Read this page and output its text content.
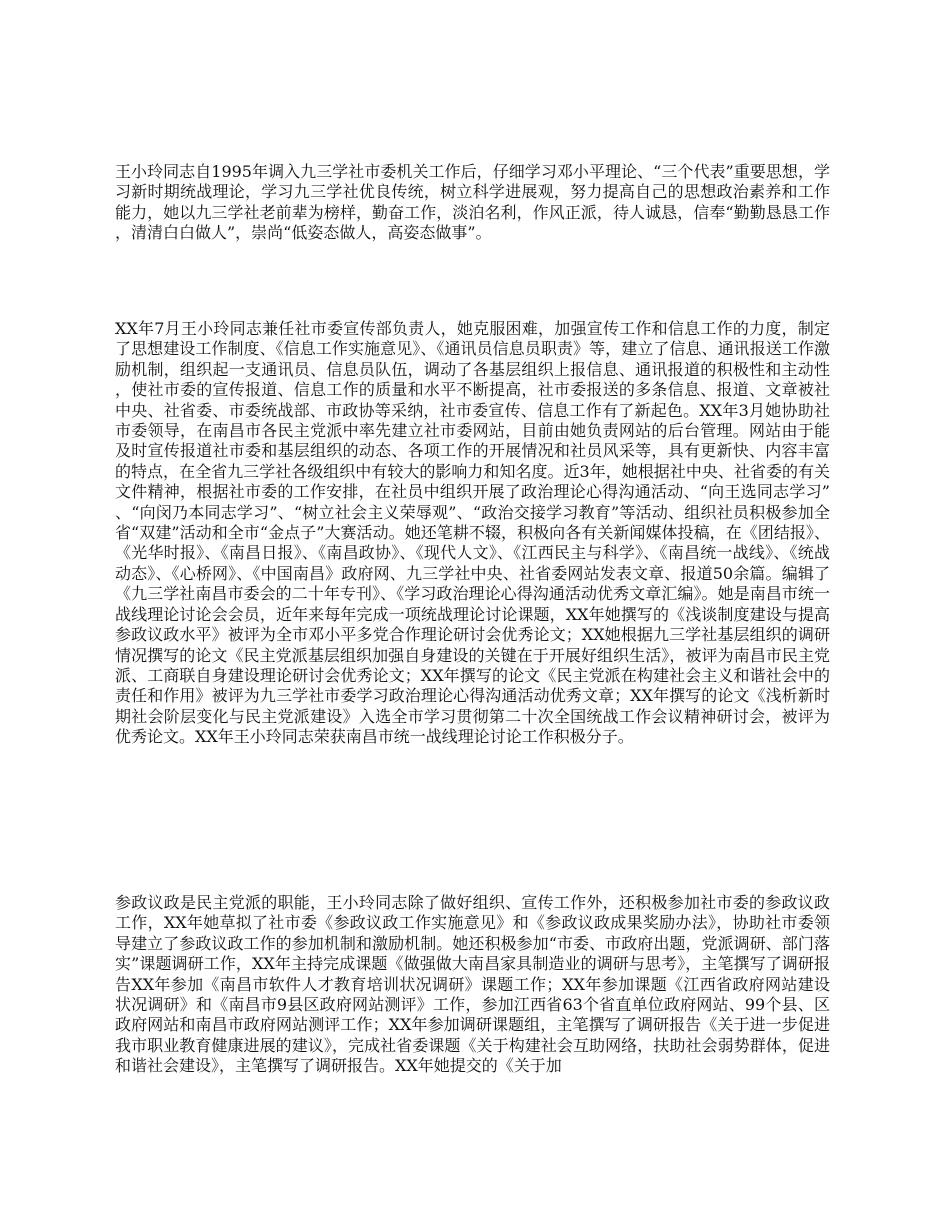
王小玲同志自1995年调入九三学社市委机关工作后，仔细学习邓小平理论、“三个代表”重要思想，学习新时期统战理论，学习九三学社优良传统，树立科学进展观，努力提高自己的思想政治素养和工作能力，她以九三学社老前辈为榜样，勤奋工作，淡泊名利，作风正派，待人诚恳，信奉“勤勤恳恳工作，清清白白做人”，崇尚“低姿态做人，高姿态做事”。

XX年7月王小玲同志兼任社市委宣传部负责人，她克服困难，加强宣传工作和信息工作的力度，制定了思想建设工作制度、《信息工作实施意见》、《通讯员信息员职责》等，建立了信息、通讯报送工作激励机制，组织起一支通讯员、信息员队伍，调动了各基层组织上报信息、通讯报道的积极性和主动性，使社市委的宣传报道、信息工作的质量和水平不断提高，社市委报送的多条信息、报道、文章被社中央、社省委、市委统战部、市政协等采纳，社市委宣传、信息工作有了新起色。XX年3月她协助社市委领导，在南昌市各民主党派中率先建立社市委网站，目前由她负责网站的后台管理。网站由于能及时宣传报道社市委和基层组织的动态、各项工作的开展情况和社员风采等，具有更新快、内容丰富的特点，在全省九三学社各级组织中有较大的影响力和知名度。近3年，她根据社中央、社省委的有关文件精神，根据社市委的工作安排，在社员中组织开展了政治理论心得沟通活动、“向王选同志学习”、“向闵乃本同志学习”、“树立社会主义荣辱观”、“政治交接学习教育”等活动、组织社员积极参加全省“双建”活动和全市“金点子”大赛活动。她还笔耕不辍，积极向各有关新闻媒体投稿，在《团结报》、《光华时报》、《南昌日报》、《南昌政协》、《现代人文》、《江西民主与科学》、《南昌统一战线》、《统战动态》、《心桥网》、《中国南昌》政府网、九三学社中央、社省委网站发表文章、报道50余篇。编辑了《九三学社南昌市委会的二十年专刊》、《学习政治理论心得沟通活动优秀文章汇编》。她是南昌市统一战线理论讨论会会员，近年来每年完成一项统战理论讨论课题，XX年她撰写的《浅谈制度建设与提高参政议政水平》被评为全市邓小平多党合作理论研讨会优秀论文；XX她根据九三学社基层组织的调研情况撰写的论文《民主党派基层组织加强自身建设的关键在于开展好组织生活》，被评为南昌市民主党派、工商联自身建设理论研讨会优秀论文；XX年撰写的论文《民主党派在构建社会主义和谐社会中的责任和作用》被评为九三学社市委学习政治理论心得沟通活动优秀文章；XX年撰写的论文《浅析新时期社会阶层变化与民主党派建设》入选全市学习贯彻第二十次全国统战工作会议精神研讨会，被评为优秀论文。XX年王小玲同志荣获南昌市统一战线理论讨论工作积极分子。

参政议政是民主党派的职能，王小玲同志除了做好组织、宣传工作外，还积极参加社市委的参政议政工作，XX年她草拟了社市委《参政议政工作实施意见》和《参政议政成果奖励办法》，协助社市委领导建立了参政议政工作的参加机制和激励机制。她还积极参加“市委、市政府出题，党派调研、部门落实”课题调研工作，XX年主持完成课题《做强做大南昌家具制造业的调研与思考》，主笔撰写了调研报告XX年参加《南昌市软件人才教育培训状况调研》课题工作；XX年参加课题《江西省政府网站建设状况调研》和《南昌市9县区政府网站测评》工作，参加江西省63个省直单位政府网站、99个县、区政府网站和南昌市政府网站测评工作；XX年参加调研课题组，主笔撰写了调研报告《关于进一步促进我市职业教育健康进展的建议》，完成社省委课题《关于构建社会互助网络，扶助社会弱势群体，促进和谐社会建设》，主笔撰写了调研报告。XX年她提交的《关于加
